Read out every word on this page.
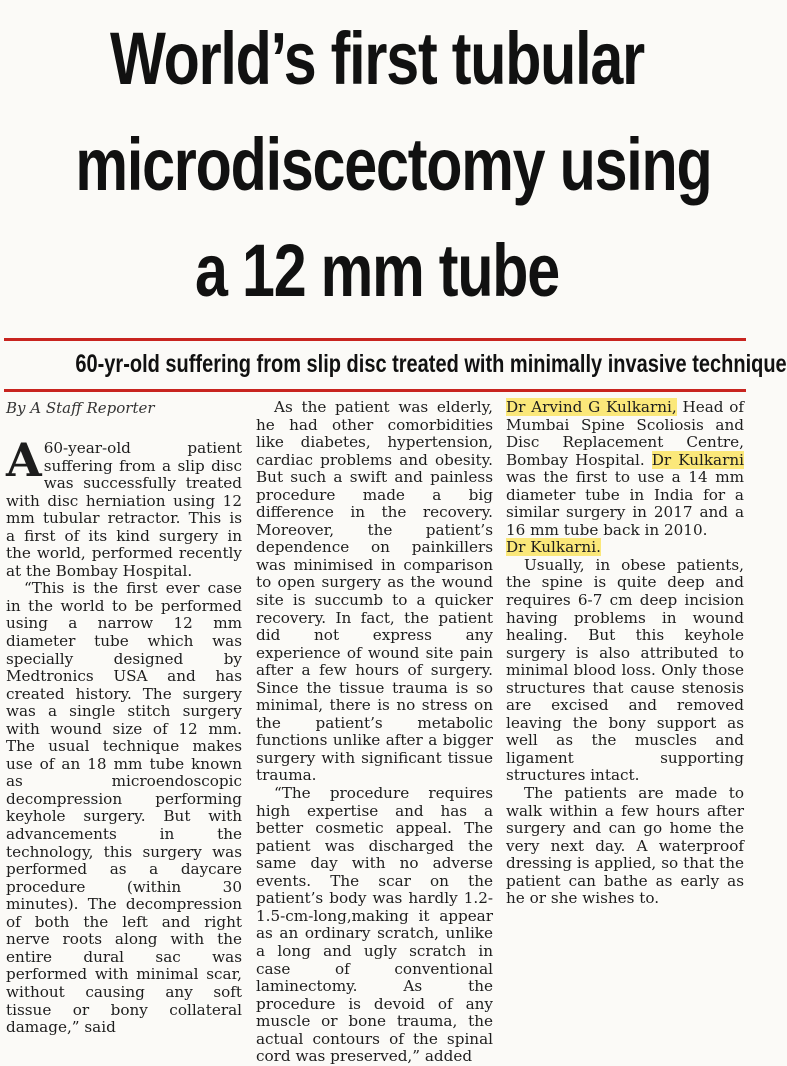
World’s first tubular
microdiscectomy using
a 12 mm tube
60-yr-old suffering from slip disc treated with minimally invasive technique
By A Staff Reporter

A 60-year-old patient suffering from a slip disc was successfully treated with disc herniation using 12 mm tubular retractor. This is a first of its kind surgery in the world, performed recently at the Bombay Hospital.

“This is the first ever case in the world to be performed using a narrow 12 mm diameter tube which was specially designed by Medtronics USA and has created history. The surgery was a single stitch surgery with wound size of 12 mm. The usual technique makes use of an 18 mm tube known as microendoscopic decompression performing keyhole surgery. But with advancements in the technology, this surgery was performed as a daycare procedure (within 30 minutes). The decompression of both the left and right nerve roots along with the entire dural sac was performed with minimal scar, without causing any soft tissue or bony collateral damage,” said

As the patient was elderly, he had other comorbidities like diabetes, hypertension, cardiac problems and obesity. But such a swift and painless procedure made a big difference in the recovery. Moreover, the patient’s dependence on painkillers was minimised in comparison to open surgery as the wound site is succumb to a quicker recovery. In fact, the patient did not express any experience of wound site pain after a few hours of surgery. Since the tissue trauma is so minimal, there is no stress on the patient’s metabolic functions unlike after a bigger surgery with significant tissue trauma.

“The procedure requires high expertise and has a better cosmetic appeal. The patient was discharged the same day with no adverse events. The scar on the patient’s body was hardly 1.2-1.5-cm-long,making it appear as an ordinary scratch, unlike a long and ugly scratch in case of conventional laminectomy. As the procedure is devoid of any muscle or bone trauma, the actual contours of the spinal cord was preserved,” added

Dr Arvind G Kulkarni, Head of Mumbai Spine Scoliosis and Disc Replacement Centre, Bombay Hospital. Dr Kulkarni was the first to use a 14 mm diameter tube in India for a similar surgery in 2017 and a 16 mm tube back in 2010.

Dr Kulkarni.

Usually, in obese patients, the spine is quite deep and requires 6-7 cm deep incision having problems in wound healing. But this keyhole surgery is also attributed to minimal blood loss. Only those structures that cause stenosis are excised and removed leaving the bony support as well as the muscles and ligament supporting structures intact.

The patients are made to walk within a few hours after surgery and can go home the very next day. A waterproof dressing is applied, so that the patient can bathe as early as he or she wishes to.
